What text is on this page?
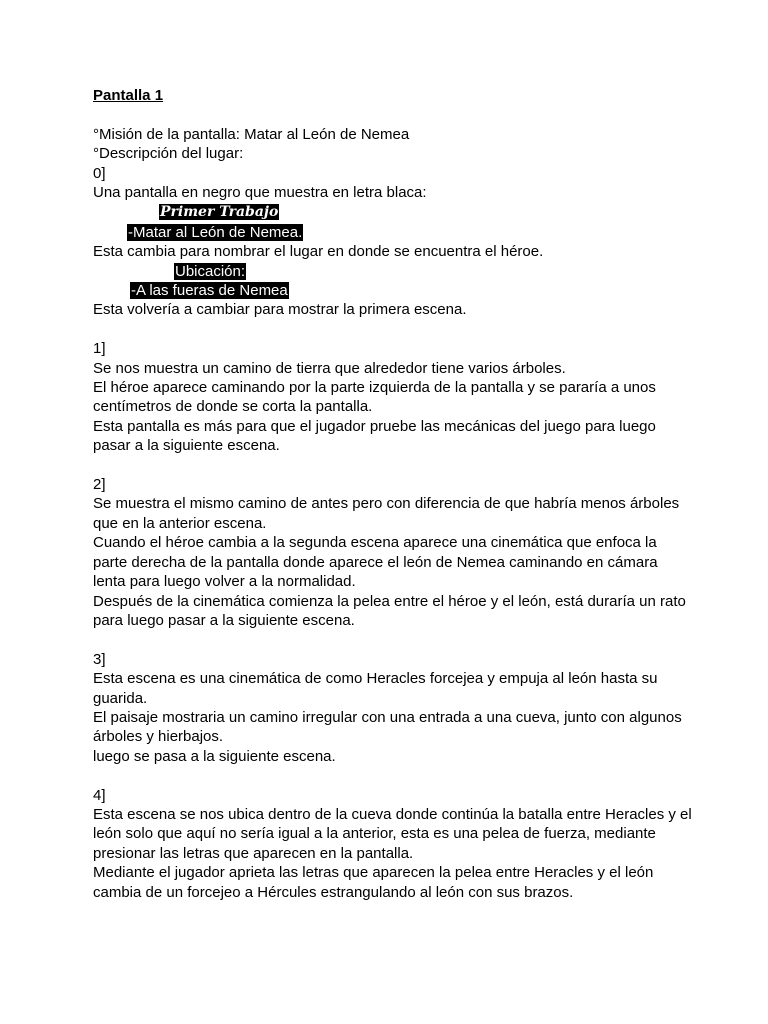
Pantalla 1
°Misión de la pantalla: Matar al León de Nemea
°Descripción del lugar:
0]
Una pantalla en negro que muestra en letra blaca:
Primer Trabajo
-Matar al León de Nemea.
Esta cambia para nombrar el lugar en donde se encuentra el héroe.
Ubicación:
-A las fueras de Nemea
Esta volvería a cambiar para mostrar la primera escena.
1]
Se nos muestra un camino de tierra que alrededor tiene varios árboles.
El héroe aparece caminando por la parte izquierda de la pantalla y se pararía a unos centímetros de donde se corta la pantalla.
Esta pantalla es más para que el jugador pruebe las mecánicas del juego para luego pasar a la siguiente escena.
2]
Se muestra el mismo camino de antes pero con diferencia de que habría menos árboles que en la anterior escena.
Cuando el héroe cambia a la segunda escena aparece una cinemática que enfoca la parte derecha de la pantalla donde aparece el león de Nemea caminando en cámara lenta para luego volver a la normalidad.
Después de la cinemática comienza la pelea entre el héroe y el león, está duraría un rato para luego pasar a la siguiente escena.
3]
Esta escena es una cinemática de como Heracles forcejea y empuja al león hasta su guarida.
El paisaje mostraria un camino irregular con una entrada a una cueva, junto con algunos árboles y hierbajos.
luego se pasa a la siguiente escena.
4]
Esta escena se nos ubica dentro de la cueva donde continúa la batalla entre Heracles y el león solo que aquí no sería igual a la anterior, esta es una pelea de fuerza, mediante presionar las letras que aparecen en la pantalla.
Mediante el jugador aprieta las letras que aparecen la pelea entre Heracles y el león cambia de un forcejeo a Hércules estrangulando al león con sus brazos.
